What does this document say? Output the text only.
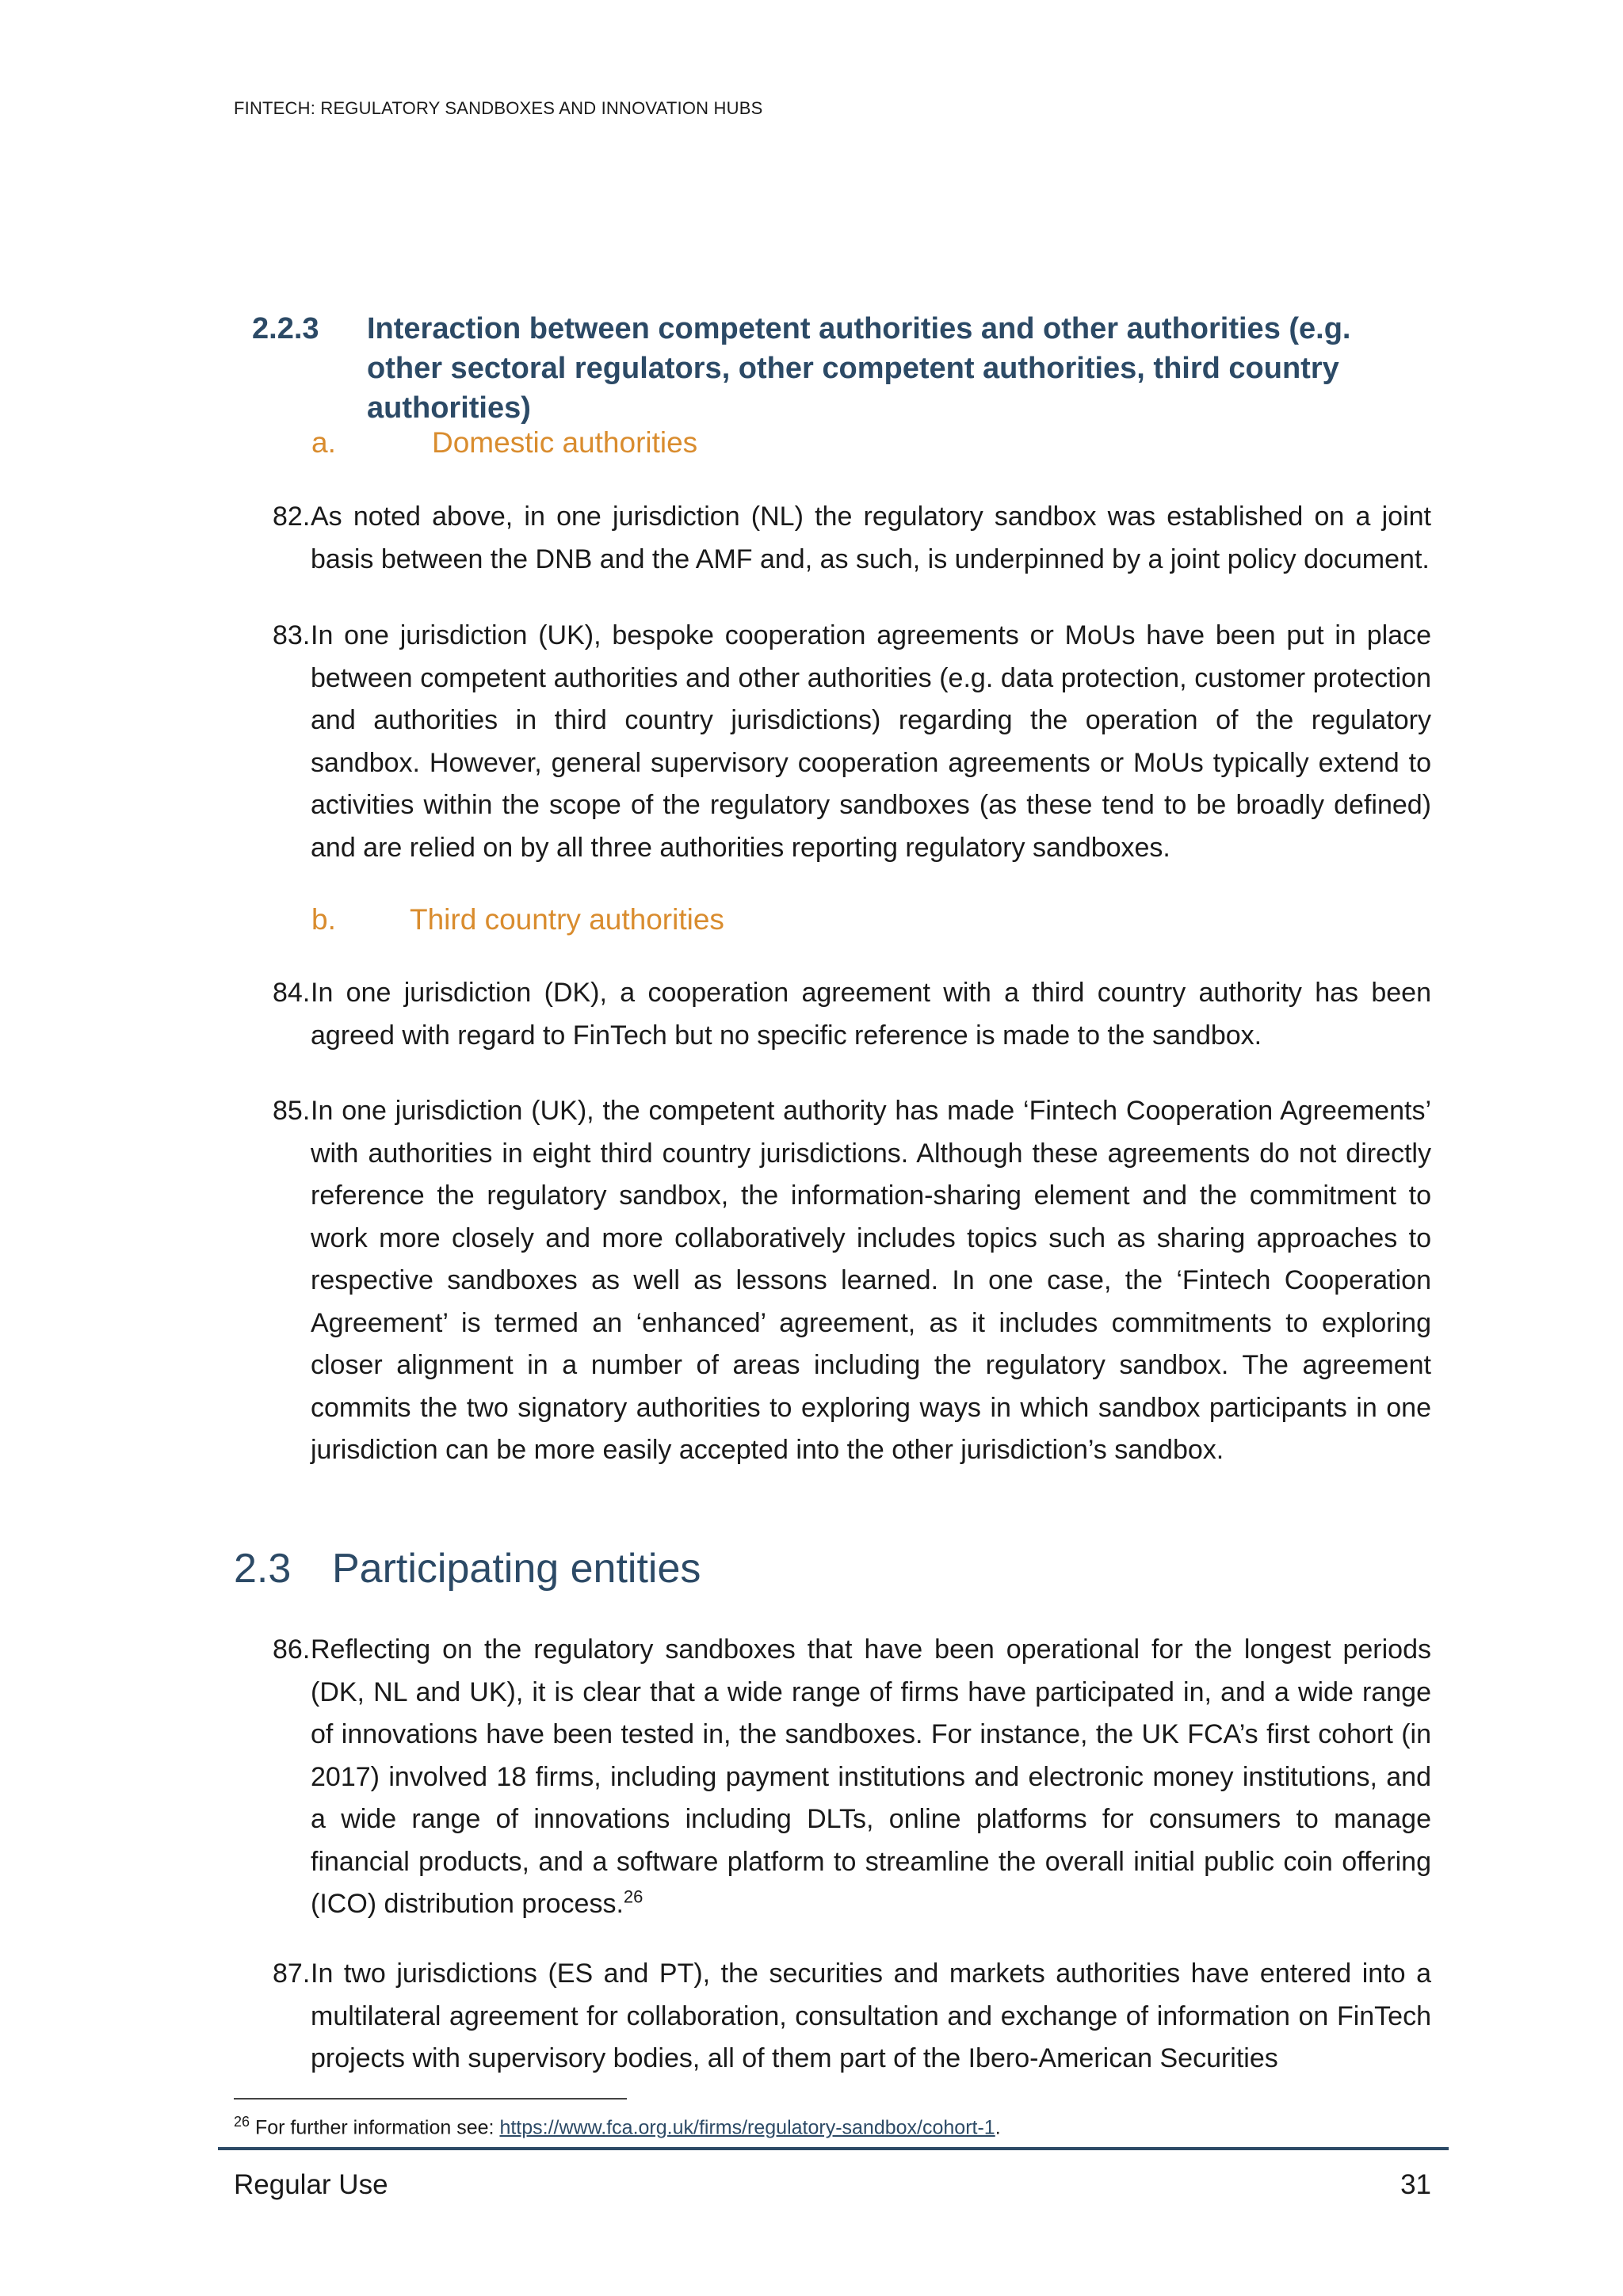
FINTECH: REGULATORY SANDBOXES AND INNOVATION HUBS
2.2.3 Interaction between competent authorities and other authorities (e.g. other sectoral regulators, other competent authorities, third country authorities)
a.	Domestic authorities
82. As noted above, in one jurisdiction (NL) the regulatory sandbox was established on a joint basis between the DNB and the AMF and, as such, is underpinned by a joint policy document.
83. In one jurisdiction (UK), bespoke cooperation agreements or MoUs have been put in place between competent authorities and other authorities (e.g. data protection, customer protection and authorities in third country jurisdictions) regarding the operation of the regulatory sandbox. However, general supervisory cooperation agreements or MoUs typically extend to activities within the scope of the regulatory sandboxes (as these tend to be broadly defined) and are relied on by all three authorities reporting regulatory sandboxes.
b.	Third country authorities
84. In one jurisdiction (DK), a cooperation agreement with a third country authority has been agreed with regard to FinTech but no specific reference is made to the sandbox.
85. In one jurisdiction (UK), the competent authority has made ‘Fintech Cooperation Agreements’ with authorities in eight third country jurisdictions. Although these agreements do not directly reference the regulatory sandbox, the information-sharing element and the commitment to work more closely and more collaboratively includes topics such as sharing approaches to respective sandboxes as well as lessons learned. In one case, the ‘Fintech Cooperation Agreement’ is termed an ‘enhanced’ agreement, as it includes commitments to exploring closer alignment in a number of areas including the regulatory sandbox. The agreement commits the two signatory authorities to exploring ways in which sandbox participants in one jurisdiction can be more easily accepted into the other jurisdiction’s sandbox.
2.3 Participating entities
86. Reflecting on the regulatory sandboxes that have been operational for the longest periods (DK, NL and UK), it is clear that a wide range of firms have participated in, and a wide range of innovations have been tested in, the sandboxes. For instance, the UK FCA’s first cohort (in 2017) involved 18 firms, including payment institutions and electronic money institutions, and a wide range of innovations including DLTs, online platforms for consumers to manage financial products, and a software platform to streamline the overall initial public coin offering (ICO) distribution process.$^{26}$
87. In two jurisdictions (ES and PT), the securities and markets authorities have entered into a multilateral agreement for collaboration, consultation and exchange of information on FinTech projects with supervisory bodies, all of them part of the Ibero-American Securities
$^{26}$ For further information see: https://www.fca.org.uk/firms/regulatory-sandbox/cohort-1.
Regular Use	31
